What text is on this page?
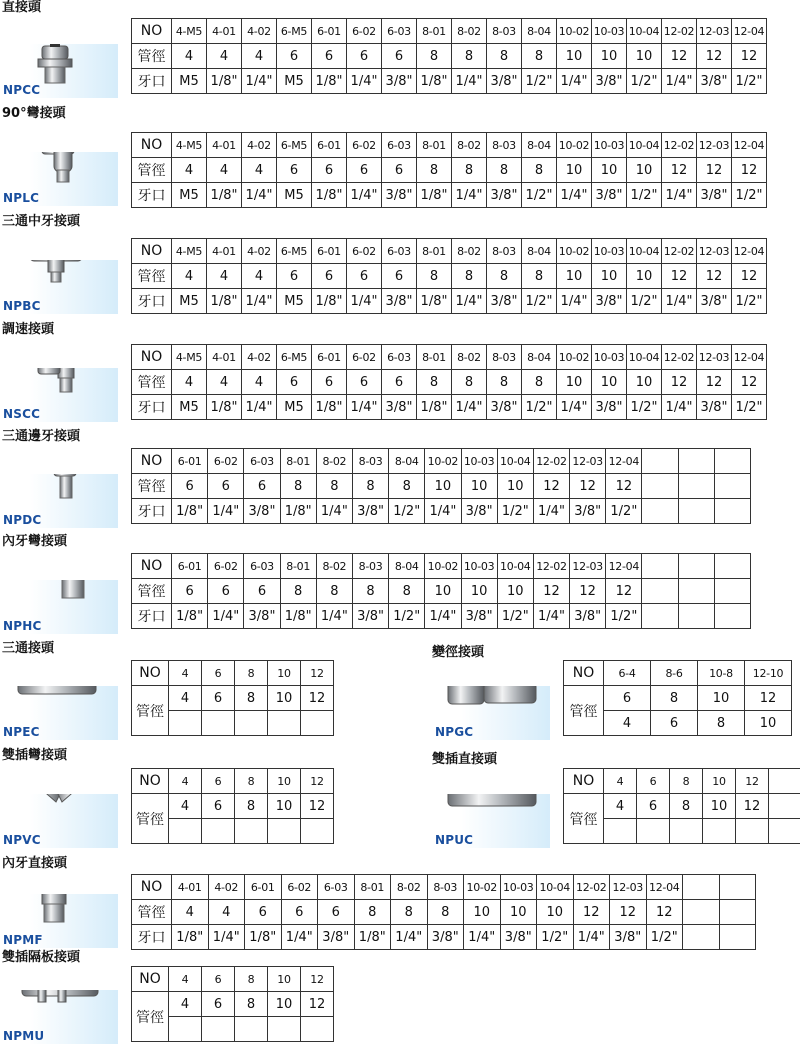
直接頭
90°彎接頭
三通中牙接頭
調速接頭
三通邊牙接頭
內牙彎接頭
三通接頭	變徑接頭
雙插彎接頭	雙插直接頭
內牙直接頭
雙插隔板接頭
NPCC
NPLC
NPBC
NSCC
NPDC
NPHC
NPEC	NPGC
NPVC	NPUC
NPMF
NPMU
NO	4-M5	4-01	4-02	6-M5	6-01	6-02	6-03	8-01	8-02	8-03	8-04	10-02	10-03	10-04	12-02	12-03	12-04
管徑	4	4	4	6	6	6	6	8	8	8	8	10	10	10	12	12	12
牙口	M5	1/8"	1/4"	M5	1/8"	1/4"	3/8"	1/8"	1/4"	3/8"	1/2"	1/4"	3/8"	1/2"	1/4"	3/8"	1/2"
NO	4-M5	4-01	4-02	6-M5	6-01	6-02	6-03	8-01	8-02	8-03	8-04	10-02	10-03	10-04	12-02	12-03	12-04
管徑	4	4	4	6	6	6	6	8	8	8	8	10	10	10	12	12	12
牙口	M5	1/8"	1/4"	M5	1/8"	1/4"	3/8"	1/8"	1/4"	3/8"	1/2"	1/4"	3/8"	1/2"	1/4"	3/8"	1/2"
NO	4-M5	4-01	4-02	6-M5	6-01	6-02	6-03	8-01	8-02	8-03	8-04	10-02	10-03	10-04	12-02	12-03	12-04
管徑	4	4	4	6	6	6	6	8	8	8	8	10	10	10	12	12	12
牙口	M5	1/8"	1/4"	M5	1/8"	1/4"	3/8"	1/8"	1/4"	3/8"	1/2"	1/4"	3/8"	1/2"	1/4"	3/8"	1/2"
NO	4-M5	4-01	4-02	6-M5	6-01	6-02	6-03	8-01	8-02	8-03	8-04	10-02	10-03	10-04	12-02	12-03	12-04
管徑	4	4	4	6	6	6	6	8	8	8	8	10	10	10	12	12	12
牙口	M5	1/8"	1/4"	M5	1/8"	1/4"	3/8"	1/8"	1/4"	3/8"	1/2"	1/4"	3/8"	1/2"	1/4"	3/8"	1/2"
NO	6-01	6-02	6-03	8-01	8-02	8-03	8-04	10-02	10-03	10-04	12-02	12-03	12-04			
管徑	6	6	6	8	8	8	8	10	10	10	12	12	12			
牙口	1/8"	1/4"	3/8"	1/8"	1/4"	3/8"	1/2"	1/4"	3/8"	1/2"	1/4"	3/8"	1/2"			
NO	6-01	6-02	6-03	8-01	8-02	8-03	8-04	10-02	10-03	10-04	12-02	12-03	12-04			
管徑	6	6	6	8	8	8	8	10	10	10	12	12	12			
牙口	1/8"	1/4"	3/8"	1/8"	1/4"	3/8"	1/2"	1/4"	3/8"	1/2"	1/4"	3/8"	1/2"			
NO	4	6	8	10	12
管徑	4	6	8	10	12

NO	6-4	8-6	10-8	12-10
管徑	6	8	10	12
	4	6	8	10
NO	4	6	8	10	12
管徑	4	6	8	10	12

NO	4	6	8	10	12	
管徑	4	6	8	10	12	

NO	4-01	4-02	6-01	6-02	6-03	8-01	8-02	8-03	10-02	10-03	10-04	12-02	12-03	12-04		
管徑	4	4	6	6	6	8	8	8	10	10	10	12	12	12		
牙口	1/8"	1/4"	1/8"	1/4"	3/8"	1/8"	1/4"	3/8"	1/4"	3/8"	1/2"	1/4"	3/8"	1/2"		
NO	4	6	8	10	12
管徑	4	6	8	10	12
